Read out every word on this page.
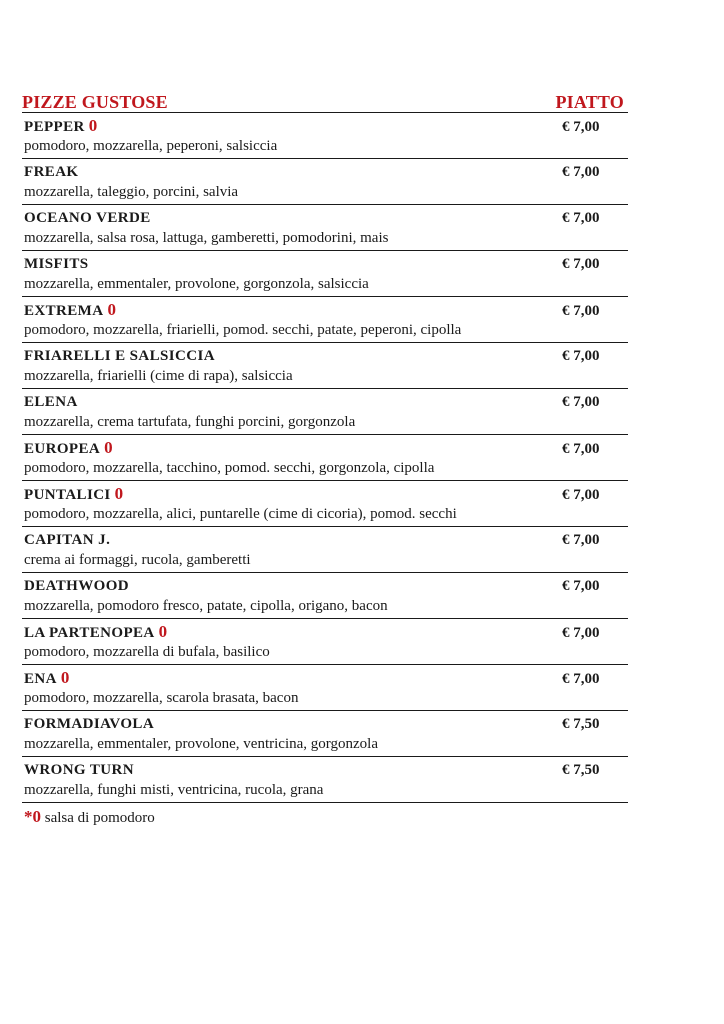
PIZZE GUSTOSE	PIATTO
PEPPER 0	€ 7,00
pomodoro, mozzarella, peperoni, salsiccia
FREAK	€ 7,00
mozzarella, taleggio, porcini, salvia
OCEANO VERDE	€ 7,00
mozzarella, salsa rosa, lattuga, gamberetti, pomodorini, mais
MISFITS	€ 7,00
mozzarella, emmentaler, provolone, gorgonzola, salsiccia
EXTREMA 0	€ 7,00
pomodoro, mozzarella, friarielli, pomod. secchi, patate, peperoni, cipolla
FRIARELLI E SALSICCIA	€ 7,00
mozzarella, friarielli (cime di rapa), salsiccia
ELENA	€ 7,00
mozzarella, crema tartufata, funghi porcini, gorgonzola
EUROPEA 0	€ 7,00
pomodoro, mozzarella, tacchino, pomod. secchi, gorgonzola, cipolla
PUNTALICI 0	€ 7,00
pomodoro, mozzarella, alici, puntarelle (cime di cicoria), pomod. secchi
CAPITAN J.	€ 7,00
crema ai formaggi, rucola, gamberetti
DEATHWOOD	€ 7,00
mozzarella, pomodoro fresco, patate, cipolla, origano, bacon
LA PARTENOPEA 0	€ 7,00
pomodoro, mozzarella di bufala, basilico
ENA 0	€ 7,00
pomodoro, mozzarella, scarola brasata, bacon
FORMADIAVOLA	€ 7,50
mozzarella, emmentaler, provolone, ventricina, gorgonzola
WRONG TURN	€ 7,50
mozzarella, funghi misti, ventricina, rucola, grana
*0 salsa di pomodoro
